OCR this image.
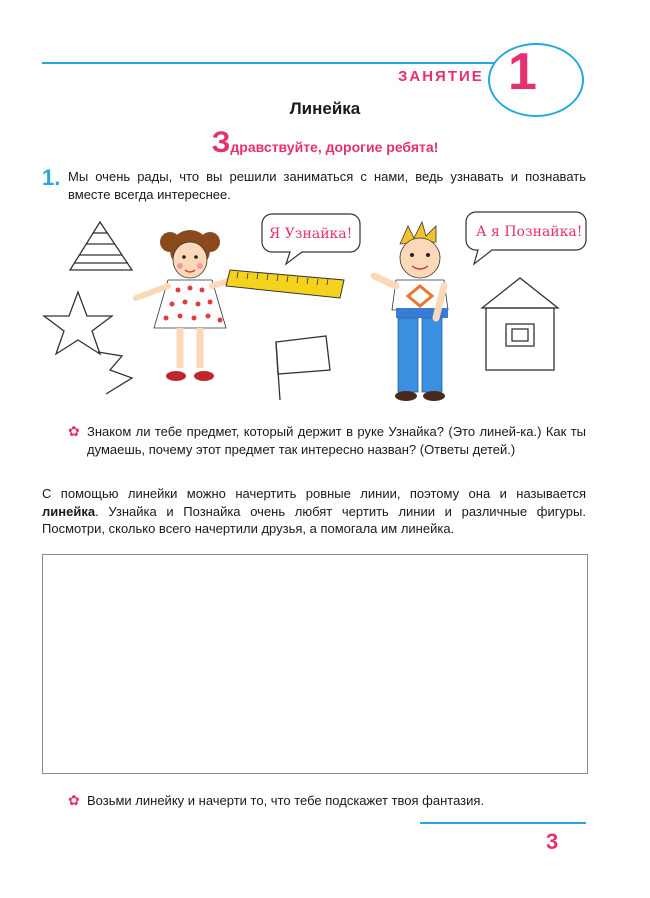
ЗАНЯТИЕ 1
Линейка
Здравствуйте, дорогие ребята!
1. Мы очень рады, что вы решили заниматься с нами, ведь узнавать и познавать вместе всегда интереснее.
Я Узнайка!	А я Познайка!
✿ Знаком ли тебе предмет, который держит в руке Узнайка? (Это линей-ка.) Как ты думаешь, почему этот предмет так интересно назван? (Ответы детей.)
С помощью линейки можно начертить ровные линии, поэтому она и называется линейка. Узнайка и Познайка очень любят чертить линии и различные фигуры. Посмотри, сколько всего начертили друзья, а помогала им линейка.
✿ Возьми линейку и начерти то, что тебе подскажет твоя фантазия.
3
